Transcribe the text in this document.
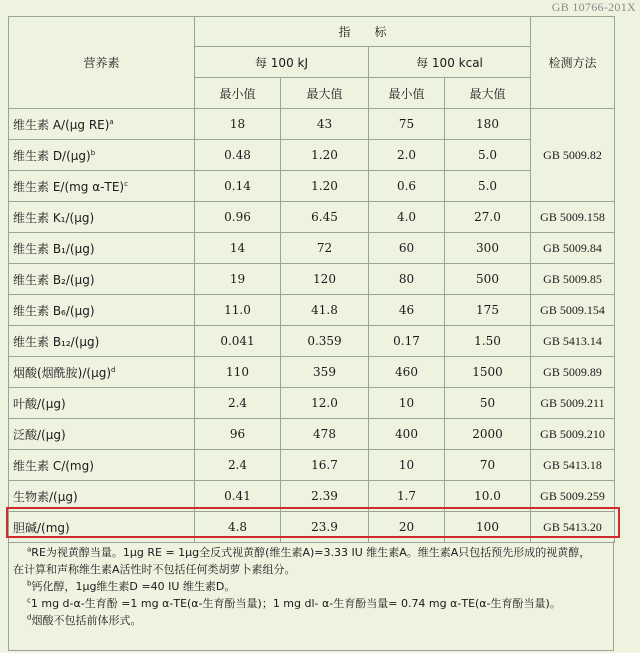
GB 10766-201X
营养素	指　　标				检测方法
	每 100 kJ		每 100 kcal		
	最小值	最大值	最小值	最大值	
维生素 A/(μg RE)$^a$	18	43	75	180	GB 5009.82
维生素 $D/(\mu g)^b$	0.48	1.20	2.0	5.0	
维生素 E/(mg α-TE)$^c$	0.14	1.20	0.6	5.0	
维生素 K₁/(μg)	0.96	6.45	4.0	27.0	GB 5009.158
维生素 B₁/(μg)	14	72	60	300	GB 5009.84
维生素 B₂/(μg)	19	120	80	500	GB 5009.85
维生素 B₆/(μg)	11.0	41.8	46	175	GB 5009.154
维生素 B₁₂/(μg)	0.041	0.359	0.17	1.50	GB 5413.14
烟酸(烟酰胺)$/(\mu g)^d$	110	359	460	1500	GB 5009.89
叶酸/(μg)	2.4	12.0	10	50	GB 5009.211
泛酸/(μg)	96	478	400	2000	GB 5009.210
维生素 C/(mg)	2.4	16.7	10	70	GB 5413.18
生物素/(μg)	0.41	2.39	1.7	10.0	GB 5009.259
胆碱/(mg)	4.8	23.9	20	100	GB 5413.20

$^a$RE为视黄醇当量。1μg RE = 1μg全反式视黄醇(维生素A)=3.33 IU 维生素A。维生素A只包括预先形成的视黄醇，

在计算和声称维生素A活性时不包括任何类胡萝卜素组分。

$^b$钙化醇，1μg维生素D =40 IU 维生素D。

$^c$1 mg d-α-生育酚 =1 mg α-TE(α-生育酚当量)；1 mg dl- α-生育酚当量= 0.74 mg α-TE(α-生育酚当量)。

$^d$烟酸不包括前体形式。
